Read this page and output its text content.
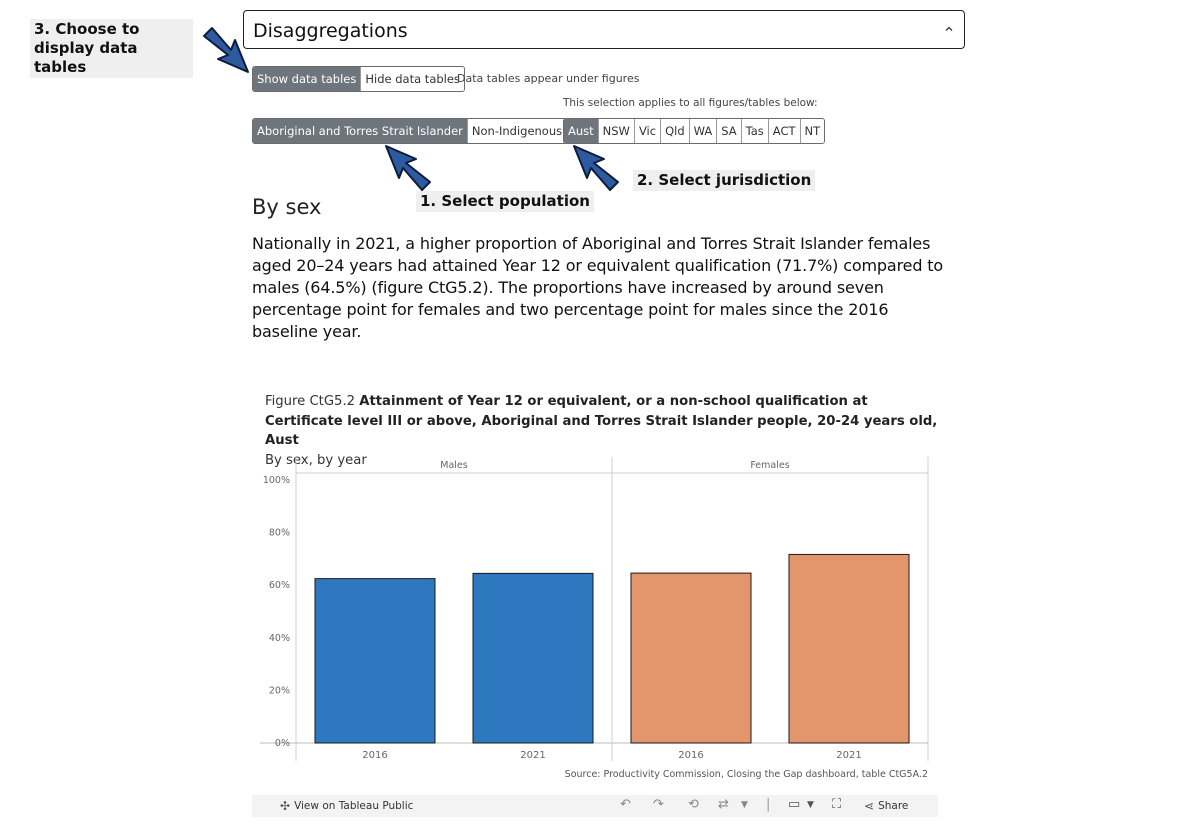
Disaggregations
Show data tables Hide data tables
Data tables appear under figures
This selection applies to all figures/tables below:
Aboriginal and Torres Strait Islander Non-Indigenous Aust NSW Vic Qld WA SA Tas ACT NT
3. Choose to display data tables
1. Select population
2. Select jurisdiction
By sex
Nationally in 2021, a higher proportion of Aboriginal and Torres Strait Islander females aged 20–24 years had attained Year 12 or equivalent qualification (71.7%) compared to males (64.5%) (figure CtG5.2). The proportions have increased by around seven percentage point for females and two percentage point for males since the 2016 baseline year.
Figure CtG5.2 Attainment of Year 12 or equivalent, or a non-school qualification at Certificate level III or above, Aboriginal and Torres Strait Islander people, 20-24 years old, Aust
By sex, by year
0%
20%
40%
60%
80%
100%
Males
2016	2021
Females
2016	2021
Source: Productivity Commission, Closing the Gap dashboard, table CtG5A.2
✣ View on Tableau Public	↶ ↷ ⟲ ⇄ ▼ | ▭ ▼ ⛶ ⋖ Share
